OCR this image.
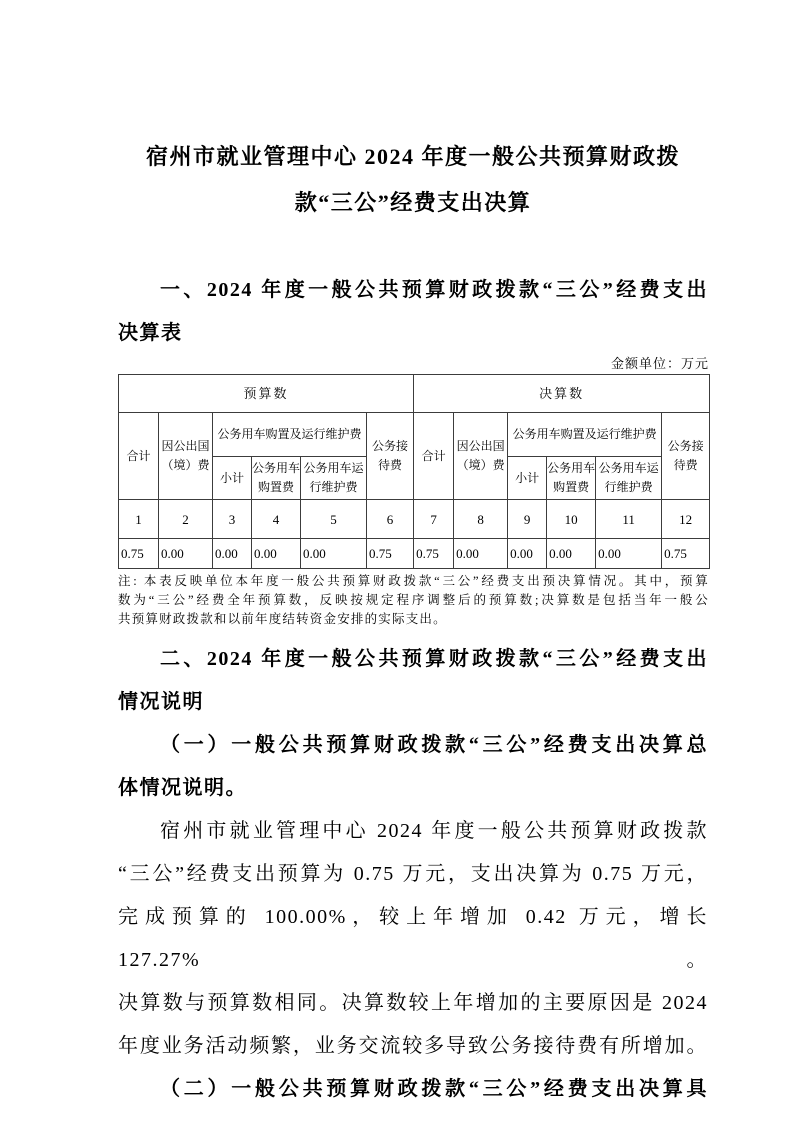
宿州市就业管理中心 2024 年度一般公共预算财政拨
款“三公”经费支出决算
一、2024 年度一般公共预算财政拨款“三公”经费支出
决算表
金额单位：万元
预算数						决算数					
合计	因公出国（境）费	公务用车购置及运行维护费			公务接待费	合计	因公出国（境）费	公务用车购置及运行维护费			公务接待费
		小计	公务用车购置费	公务用车运行维护费				小计	公务用车购置费	公务用车运行维护费	
1	2	3	4	5	6	7	8	9	10	11	12
0.75	0.00	0.00	0.00	0.00	0.75	0.75	0.00	0.00	0.00	0.00	0.75
注: 本表反映单位本年度一般公共预算财政拨款“三公”经费支出预决算情况。其中，预算
数为“三公”经费全年预算数，反映按规定程序调整后的预算数;决算数是包括当年一般公
共预算财政拨款和以前年度结转资金安排的实际支出。
二、2024 年度一般公共预算财政拨款“三公”经费支出
情况说明
（一）一般公共预算财政拨款“三公”经费支出决算总
体情况说明。
宿州市就业管理中心 2024 年度一般公共预算财政拨款
“三公”经费支出预算为 0.75 万元，支出决算为 0.75 万元，
完成预算的 100.00%，较上年增加 0.42 万元，增长 127.27%。
决算数与预算数相同。决算数较上年增加的主要原因是 2024
年度业务活动频繁，业务交流较多导致公务接待费有所增加。
（二）一般公共预算财政拨款“三公”经费支出决算具
